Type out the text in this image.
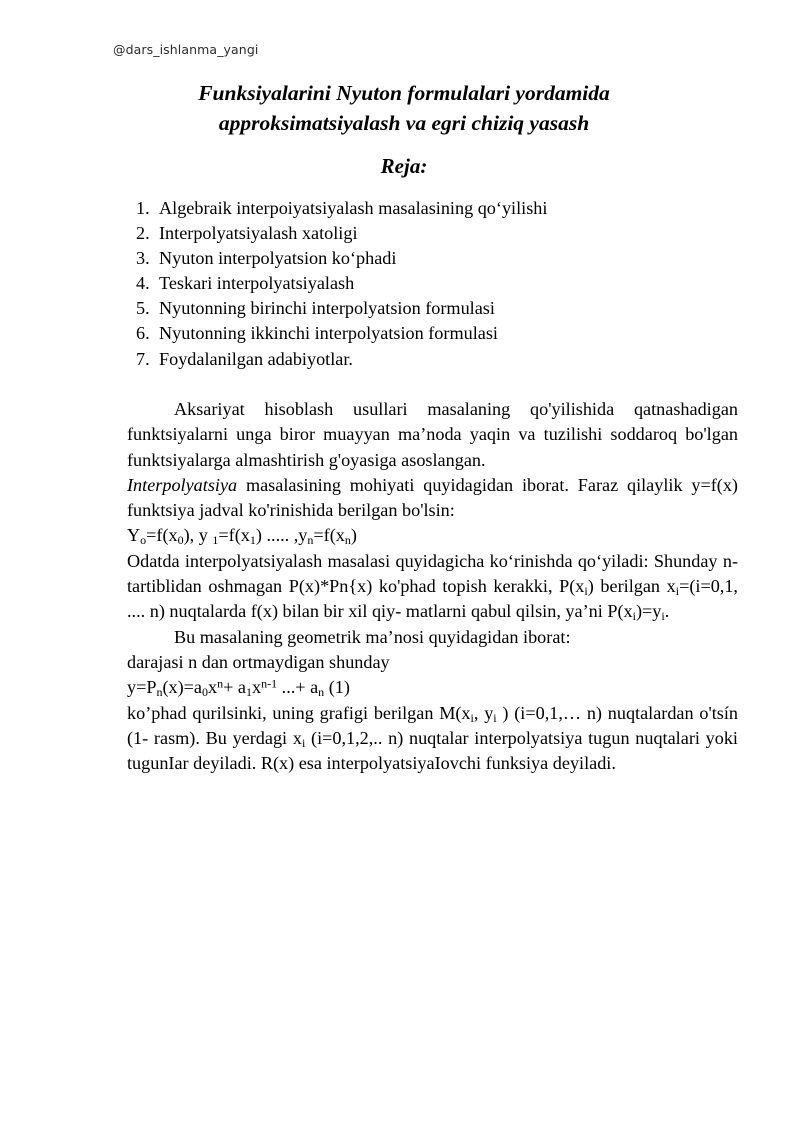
@dars_ishlanma_yangi
Funksiyalarini Nyuton formulalari yordamida
approksimatsiyalash va egri chiziq yasash
Reja:
1. Algebraik interpoiyatsiyalash masalasining qo‘yilishi
2. Interpolyatsiyalash xatoligi
3. Nyuton interpolyatsion ko‘phadi
4. Teskari interpolyatsiyalash
5. Nyutonning birinchi interpolyatsion formulasi
6. Nyutonning ikkinchi interpolyatsion formulasi
7. Foydalanilgan adabiyotlar.

Aksariyat hisoblash usullari masalaning qo'yilishida qatnashadigan funktsiyalarni unga biror muayyan ma’noda yaqin va tuzilishi soddaroq bo'lgan funktsiyalarga almashtirish g'oyasiga asoslangan.

Interpolyatsiya masalasining mohiyati quyidagidan iborat. Faraz qilaylik y=f(x) funktsiya jadval ko'rinishida berilgan bo'lsin:

$Y_o=f(x_0)$, y $_1=f(x_1)$ ..... $,y_n=f(x_n)$

Odatda interpolyatsiyalash masalasi quyidagicha ko‘rinishda qo‘yiladi: Shunday n- tartiblidan oshmagan P(x)*Pn{x) ko'phad topish kerakki, $P(x_i)$ berilgan $x_i=(i=0,1$, .... n) nuqtalarda f(x) bilan bir xil qiy- matlarni qabul qilsin, ya’ni $P(x_i)=y_i$.

Bu masalaning geometrik ma’nosi quyidagidan iborat:

darajasi n dan ortmaydigan shunday

$y=P_n(x)=a_0x^n+ a_1x^{n-1}$ ...+ $a_n$ (1)

ko’phad qurilsinki, uning grafigi berilgan $M(x_i$, $y_i$ ) (i=0,1,… n) nuqtalardan o'tsín (1- rasm). Bu yerdagi $x_i$ (i=0,1,2,.. n) nuqtalar interpolyatsiya tugun nuqtalari yoki tugunIar deyiladi. R(x) esa interpolyatsiyaIovchi funksiya deyiladi.
